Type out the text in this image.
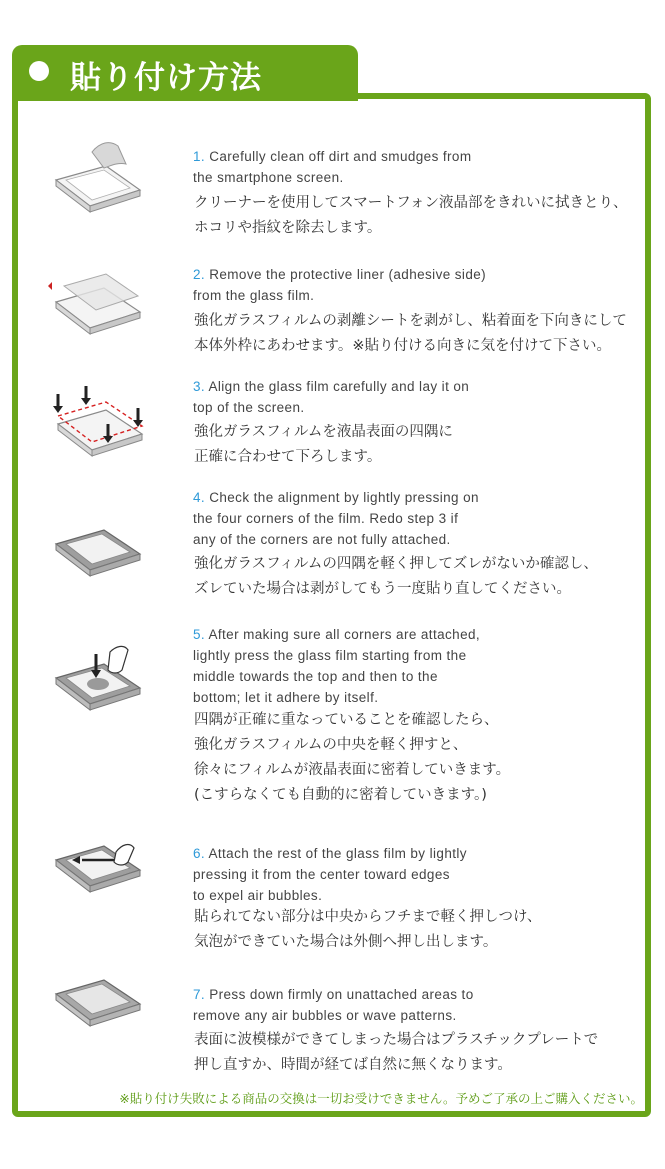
貼り付け方法
1. Carefully clean off dirt and smudges from
the smartphone screen.
クリーナーを使用してスマートフォン液晶部をきれいに拭きとり、
ホコリや指紋を除去します。
2. Remove the protective liner (adhesive side)
from the glass film.
強化ガラスフィルムの剥離シートを剥がし、粘着面を下向きにして
本体外枠にあわせます。※貼り付ける向きに気を付けて下さい。
3. Align the glass film carefully and lay it on
top of the screen.
強化ガラスフィルムを液晶表面の四隅に
正確に合わせて下ろします。
4. Check the alignment by lightly pressing on
the four corners of the film. Redo step 3 if
any of the corners are not fully attached.
強化ガラスフィルムの四隅を軽く押してズレがないか確認し、
ズレていた場合は剥がしてもう一度貼り直してください。
5. After making sure all corners are attached,
lightly press the glass film starting from the
middle towards the top and then to the
bottom; let it adhere by itself.
四隅が正確に重なっていることを確認したら、
強化ガラスフィルムの中央を軽く押すと、
徐々にフィルムが液晶表面に密着していきます。
(こすらなくても自動的に密着していきます。)
6. Attach the rest of the glass film by lightly
pressing it from the center toward edges
to expel air bubbles.
貼られてない部分は中央からフチまで軽く押しつけ、
気泡ができていた場合は外側へ押し出します。
7. Press down firmly on unattached areas to
remove any air bubbles or wave patterns.
表面に波模様ができてしまった場合はプラスチックプレートで
押し直すか、時間が経てば自然に無くなります。
※貼り付け失敗による商品の交換は一切お受けできません。予めご了承の上ご購入ください。
